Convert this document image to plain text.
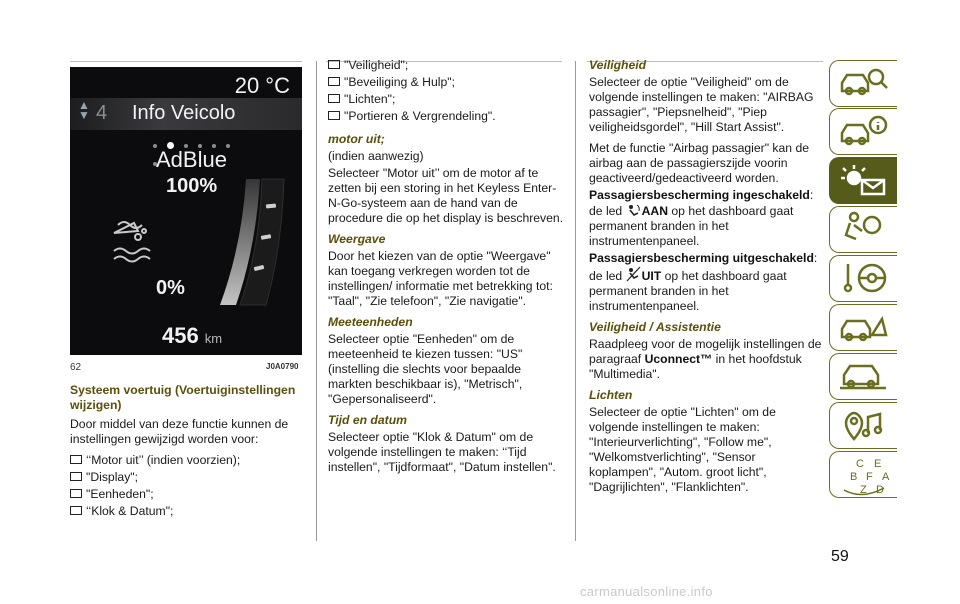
20 °C
▲
▼ 4 Info Veicolo
AdBlue
100%
0%
456 km
62	J0A0790
Systeem voertuig (Voertuiginstellingen wijzigen)

Door middel van deze functie kunnen de instellingen gewijzigd worden voor:

‘‘Motor uit’’ (indien voorzien);
"Display";
"Eenheden";
‘‘Klok & Datum";
"Veiligheid";
"Beveiliging & Hulp";
"Lichten";
"Portieren & Vergrendeling".
motor uit;

(indien aanwezig)

Selecteer "Motor uit’’ om de motor af te zetten bij een storing in het Keyless Enter-N-Go-systeem aan de hand van de procedure die op het display is beschreven.

Weergave

Door het kiezen van de optie "Weergave" kan toegang verkregen worden tot de instellingen/ informatie met betrekking tot: "Taal", "Zie telefoon", "Zie navigatie".

Meeteenheden

Selecteer optie "Eenheden" om de meeteenheid te kiezen tussen: "US" (instelling die slechts voor bepaalde markten beschikbaar is), "Metrisch", "Gepersonaliseerd".

Tijd en datum

Selecteer optie "Klok & Datum" om de volgende instellingen te maken: ‘‘Tijd instellen", "Tijdformaat", "Datum instellen".

Veiligheid

Selecteer de optie "Veiligheid" om de volgende instellingen te maken: "AIRBAG passagier", "Piepsnelheid", "Piep veiligheidsgordel", "Hill Start Assist".

Met de functie "Airbag passagier" kan de airbag aan de passagierszijde voorin geactiveerd/gedeactiveerd worden.

Passagiersbescherming ingeschakeld: de led AAN op het dashboard gaat permanent branden in het instrumentenpaneel.

Passagiersbescherming uitgeschakeld: de led UIT op het dashboard gaat permanent branden in het instrumentenpaneel.

Veiligheid / Assistentie

Raadpleeg voor de mogelijk instellingen de paragraaf Uconnect™ in het hoofdstuk "Multimedia".

Lichten

Selecteer de optie "Lichten" om de volgende instellingen te maken: "Interieurverlichting", "Follow me", "Welkomstverlichting", "Sensor koplampen", "Autom. groot licht", "Dagrijlichten", "Flanklichten".

C E
B F A
Z D
59
carmanualsonline.info
